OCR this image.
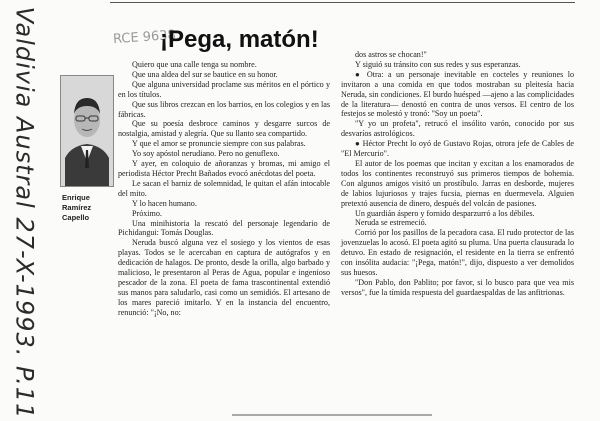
Valdivia Austral 27-X-1993. P.11	RCE 9638
¡Pega, matón!
Enrique
Ramírez
Capello

Quiero que una calle tenga su nombre.

Que una aldea del sur se bautice en su honor.

Que alguna universidad proclame sus méritos en el pórtico y en los títulos.

Que sus libros crezcan en los barrios, en los colegios y en las fábricas.

Que su poesía desbroce caminos y desgarre surcos de nostalgia, amistad y alegría. Que su llanto sea compartido.

Y que el amor se pronuncie siempre con sus palabras.

Yo soy apóstol nerudiano. Pero no genuflexo.

Y ayer, en coloquio de añoranzas y bromas, mi amigo el periodista Héctor Precht Bañados evocó anécdotas del poeta.

Le sacan el barniz de solemnidad, le quitan el afán intocable del mito.

Y lo hacen humano.

Próximo.

Una minihistoria la rescató del personaje legendario de Pichidangui: Tomás Douglas.

Neruda buscó alguna vez el sosiego y los vientos de esas playas. Todos se le acercaban en captura de autógrafos y en dedicación de halagos. De pronto, desde la orilla, algo barbado y malicioso, le presentaron al Peras de Agua, popular e ingenioso pescador de la zona. El poeta de fama trascontinental extendió sus manos para saludarlo, casi como un semidiós. El artesano de los mares pareció imitarlo. Y en la instancia del encuentro, renunció: "¡No, no:

dos astros se chocan!"

Y siguió su tránsito con sus redes y sus esperanzas.

● Otra: a un personaje inevitable en cocteles y reuniones lo invitaron a una comida en que todos mostraban su pleitesía hacia Neruda, sin condiciones. El burdo huésped —ajeno a las complicidades de la literatura— denostó en contra de unos versos. El centro de los festejos se molestó y tronó: "Soy un poeta".

"Y yo un profeta", retrucó el insólito varón, conocido por sus desvaríos astrológicos.

● Héctor Precht lo oyó de Gustavo Rojas, otrora jefe de Cables de "El Mercurio".

El autor de los poemas que incitan y excitan a los enamorados de todos los continentes reconstruyó sus primeros tiempos de bohemia. Con algunos amigos visitó un prostíbulo. Jarras en desborde, mujeres de labios lujuriosos y trajes fucsia, piernas en duermevela. Alguien pretextó ausencia de dinero, después del volcán de pasiones.

Un guardián áspero y fornido desparzurró a los débiles.

Neruda se estremeció.

Corrió por los pasillos de la pecadora casa. El rudo protector de las jovenzuelas lo acosó. El poeta agitó su pluma. Una puerta clausurada lo detuvo. En estado de resignación, el residente en la tierra se enfrentó con insólita audacia: "¡Pega, matón!", dijo, dispuesto a ver demolidos sus huesos.

"Don Pablo, don Pablito; por favor, si lo busco para que vea mis versos", fue la tímida respuesta del guardaespaldas de las anfitrionas.
